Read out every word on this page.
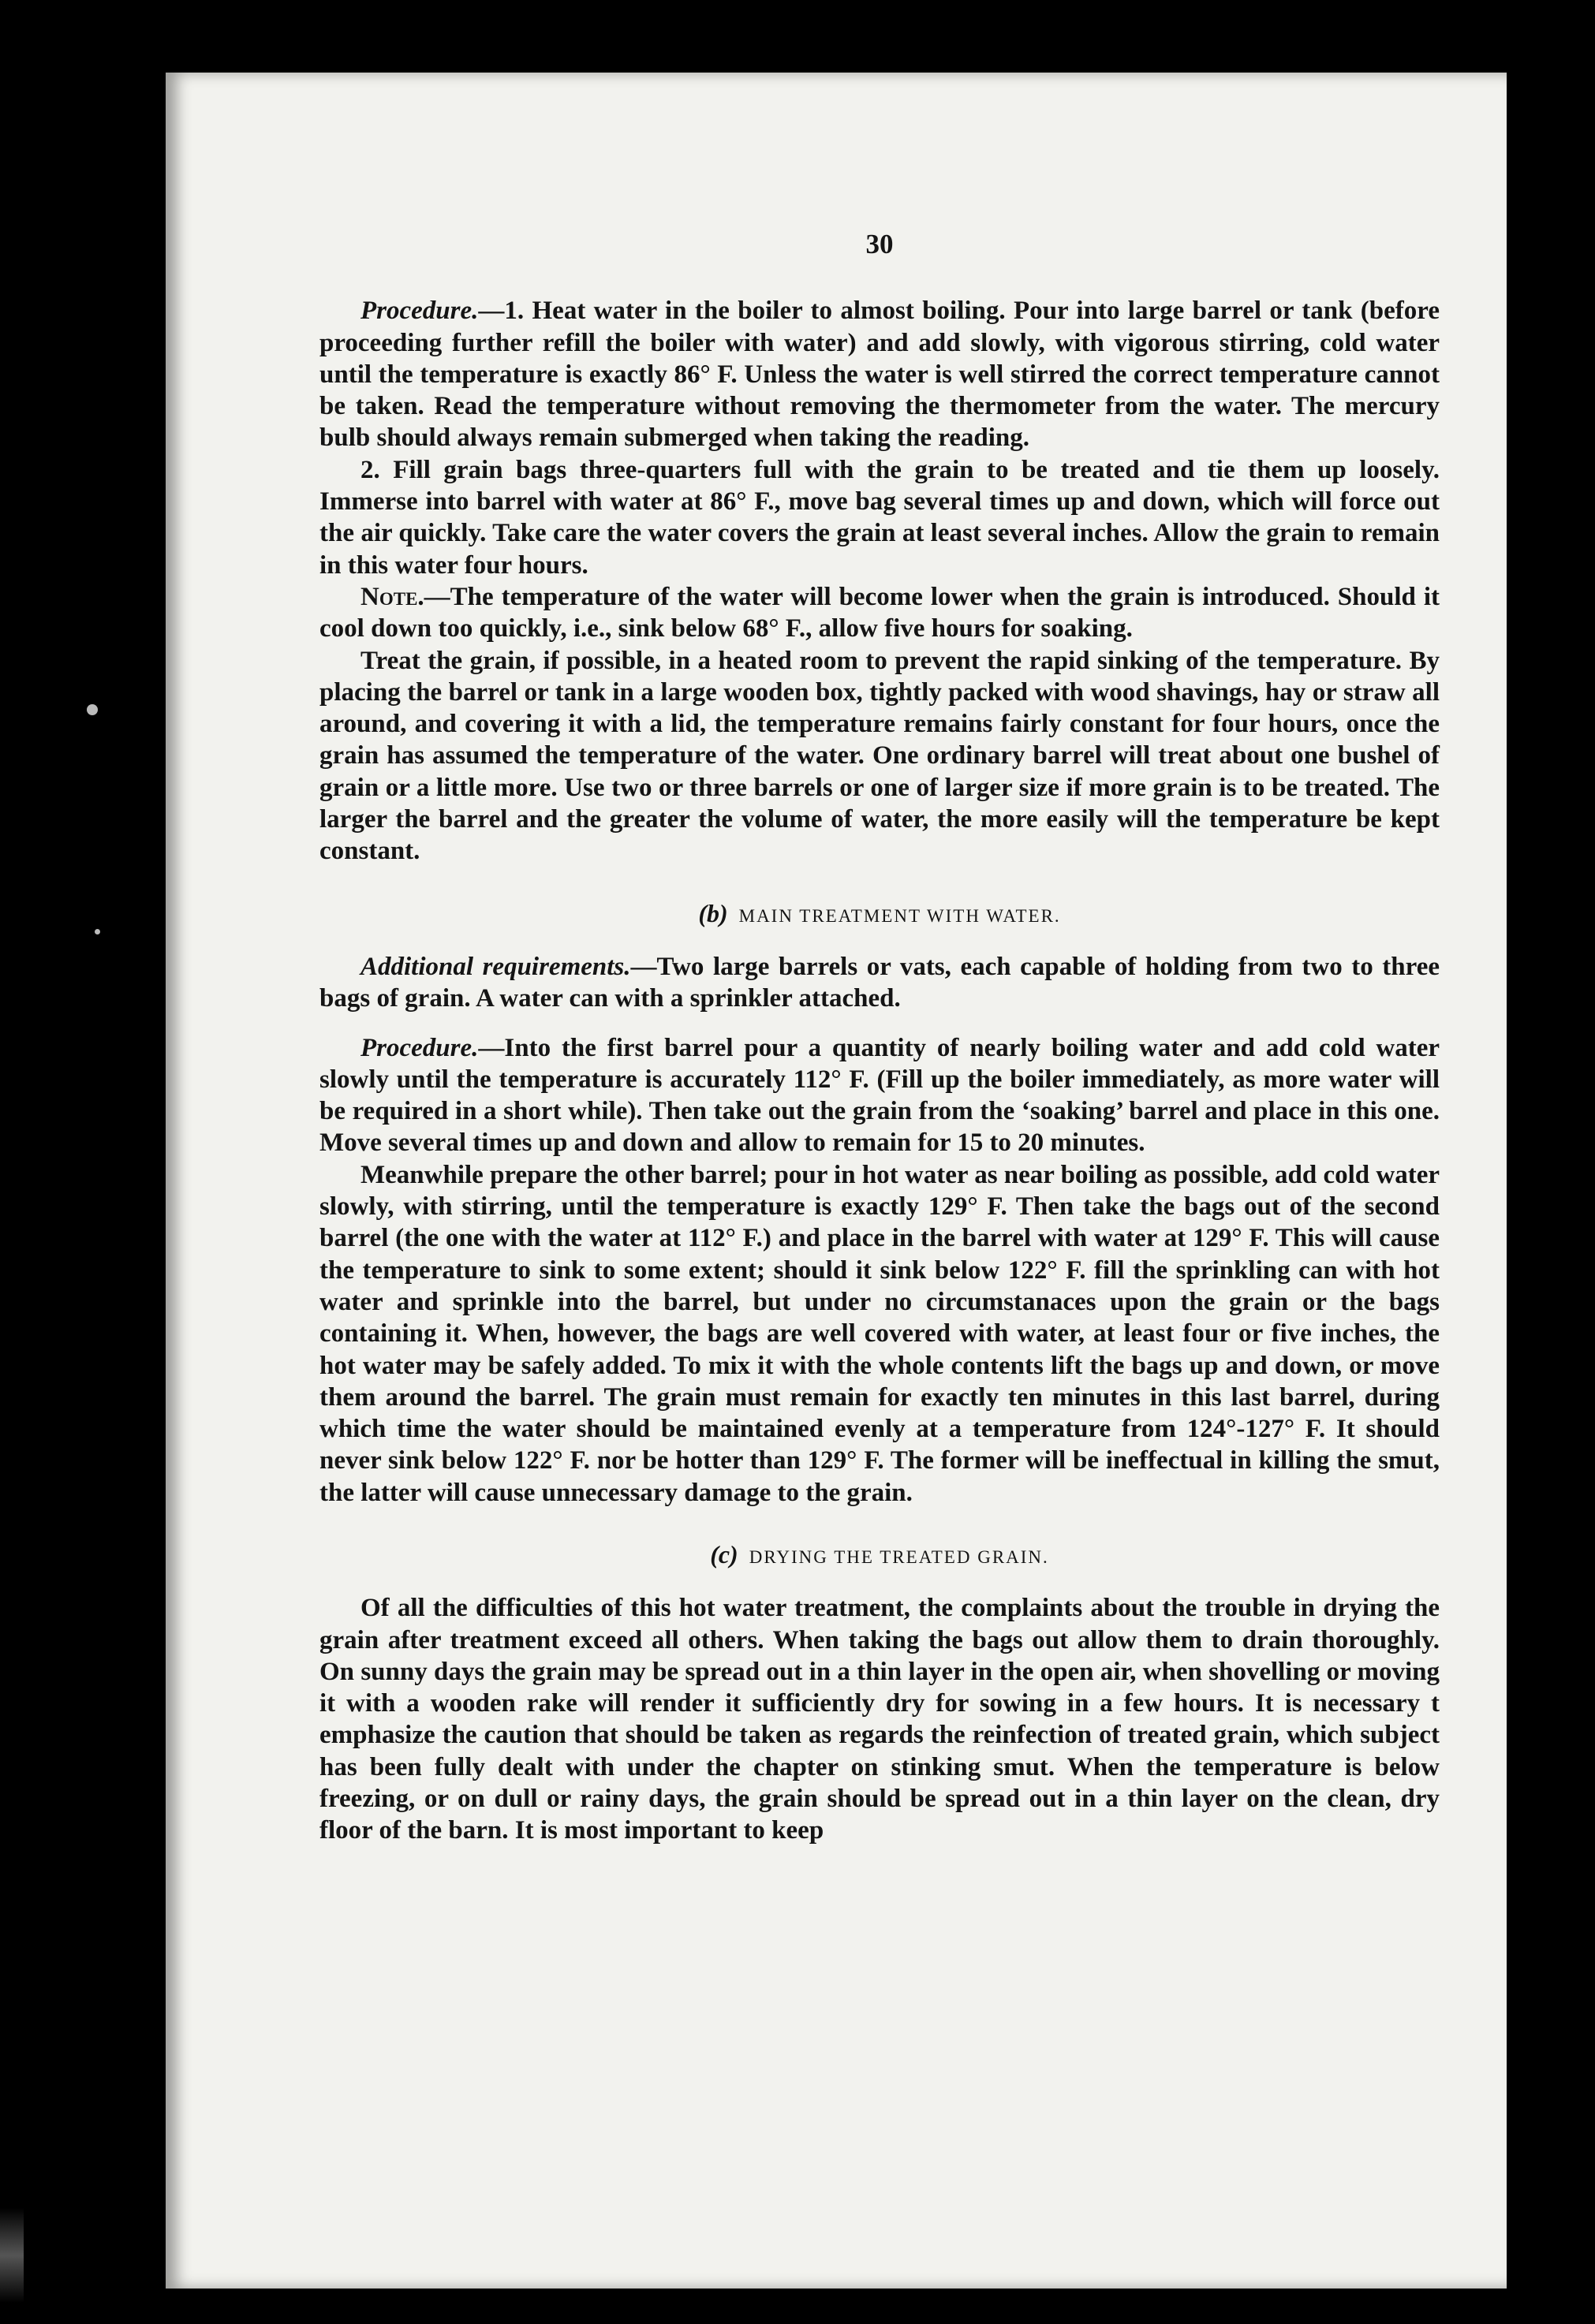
30

Procedure.—1. Heat water in the boiler to almost boiling. Pour into large barrel or tank (before proceeding further refill the boiler with water) and add slowly, with vigorous stirring, cold water until the temperature is exactly 86° F. Unless the water is well stirred the correct temperature cannot be taken. Read the temperature without removing the thermometer from the water. The mercury bulb should always remain submerged when taking the reading.

2. Fill grain bags three-quarters full with the grain to be treated and tie them up loosely. Immerse into barrel with water at 86° F., move bag several times up and down, which will force out the air quickly. Take care the water covers the grain at least several inches. Allow the grain to remain in this water four hours.

Note.—The temperature of the water will become lower when the grain is introduced. Should it cool down too quickly, i.e., sink below 68° F., allow five hours for soaking.

Treat the grain, if possible, in a heated room to prevent the rapid sinking of the temperature. By placing the barrel or tank in a large wooden box, tightly packed with wood shavings, hay or straw all around, and covering it with a lid, the temperature remains fairly constant for four hours, once the grain has assumed the temperature of the water. One ordinary barrel will treat about one bushel of grain or a little more. Use two or three barrels or one of larger size if more grain is to be treated. The larger the barrel and the greater the volume of water, the more easily will the temperature be kept constant.

(b) MAIN TREATMENT WITH WATER.

Additional requirements.—Two large barrels or vats, each capable of holding from two to three bags of grain. A water can with a sprinkler attached.

Procedure.—Into the first barrel pour a quantity of nearly boiling water and add cold water slowly until the temperature is accurately 112° F. (Fill up the boiler immediately, as more water will be required in a short while). Then take out the grain from the ‘soaking’ barrel and place in this one. Move several times up and down and allow to remain for 15 to 20 minutes.

Meanwhile prepare the other barrel; pour in hot water as near boiling as possible, add cold water slowly, with stirring, until the temperature is exactly 129° F. Then take the bags out of the second barrel (the one with the water at 112° F.) and place in the barrel with water at 129° F. This will cause the temperature to sink to some extent; should it sink below 122° F. fill the sprinkling can with hot water and sprinkle into the barrel, but under no circumstanaces upon the grain or the bags containing it. When, however, the bags are well covered with water, at least four or five inches, the hot water may be safely added. To mix it with the whole contents lift the bags up and down, or move them around the barrel. The grain must remain for exactly ten minutes in this last barrel, during which time the water should be maintained evenly at a temperature from 124°-127° F. It should never sink below 122° F. nor be hotter than 129° F. The former will be ineffectual in killing the smut, the latter will cause unnecessary damage to the grain.

(c) DRYING THE TREATED GRAIN.

Of all the difficulties of this hot water treatment, the complaints about the trouble in drying the grain after treatment exceed all others. When taking the bags out allow them to drain thoroughly. On sunny days the grain may be spread out in a thin layer in the open air, when shovelling or moving it with a wooden rake will render it sufficiently dry for sowing in a few hours. It is necessary t emphasize the caution that should be taken as regards the reinfection of treated grain, which subject has been fully dealt with under the chapter on stinking smut. When the temperature is below freezing, or on dull or rainy days, the grain should be spread out in a thin layer on the clean, dry floor of the barn. It is most important to keep
